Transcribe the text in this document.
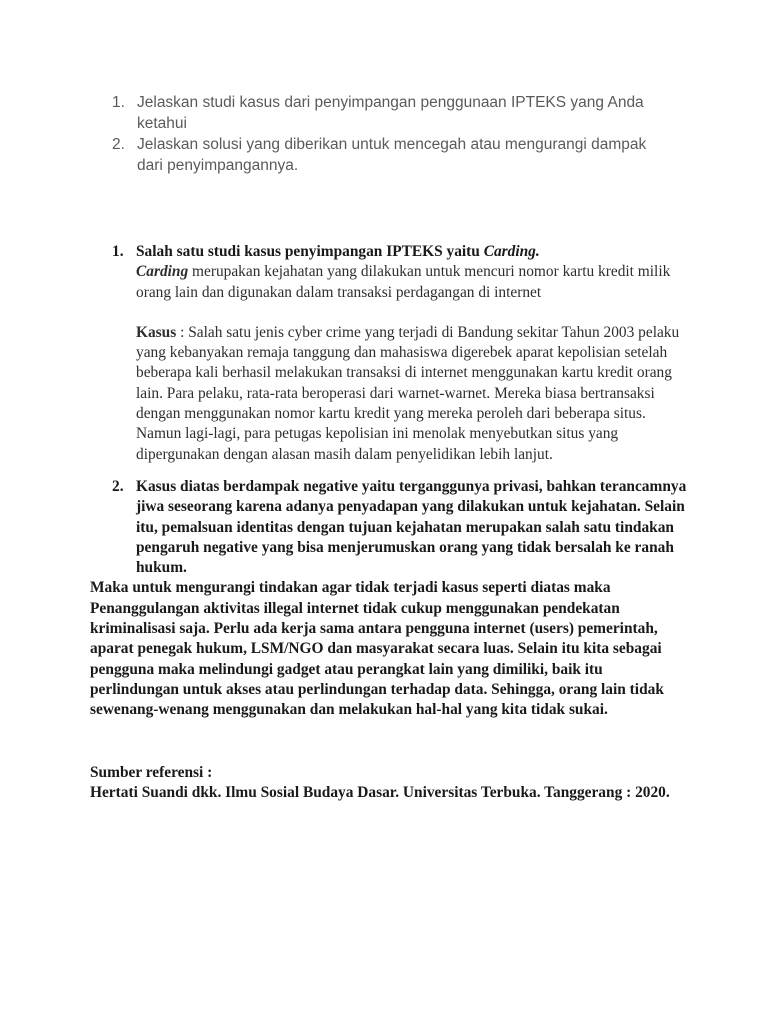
1. Jelaskan studi kasus dari penyimpangan penggunaan IPTEKS yang Anda ketahui
2. Jelaskan solusi yang diberikan untuk mencegah atau mengurangi dampak dari penyimpangannya.
1. Salah satu studi kasus penyimpangan IPTEKS yaitu Carding.

Carding merupakan kejahatan yang dilakukan untuk mencuri nomor kartu kredit milik orang lain dan digunakan dalam transaksi perdagangan di internet

Kasus : Salah satu jenis cyber crime yang terjadi di Bandung sekitar Tahun 2003 pelaku yang kebanyakan remaja tanggung dan mahasiswa digerebek aparat kepolisian setelah beberapa kali berhasil melakukan transaksi di internet menggunakan kartu kredit orang lain. Para pelaku, rata-rata beroperasi dari warnet-warnet. Mereka biasa bertransaksi dengan menggunakan nomor kartu kredit yang mereka peroleh dari beberapa situs. Namun lagi-lagi, para petugas kepolisian ini menolak menyebutkan situs yang dipergunakan dengan alasan masih dalam penyelidikan lebih lanjut.

2. Kasus diatas berdampak negative yaitu terganggunya privasi, bahkan terancamnya jiwa seseorang karena adanya penyadapan yang dilakukan untuk kejahatan. Selain itu, pemalsuan identitas dengan tujuan kejahatan merupakan salah satu tindakan pengaruh negative yang bisa menjerumuskan orang yang tidak bersalah ke ranah hukum.

Maka untuk mengurangi tindakan agar tidak terjadi kasus seperti diatas maka Penanggulangan aktivitas illegal internet tidak cukup menggunakan pendekatan kriminalisasi saja. Perlu ada kerja sama antara pengguna internet (users) pemerintah, aparat penegak hukum, LSM/NGO dan masyarakat secara luas. Selain itu kita sebagai pengguna maka melindungi gadget atau perangkat lain yang dimiliki, baik itu perlindungan untuk akses atau perlindungan terhadap data. Sehingga, orang lain tidak sewenang-wenang menggunakan dan melakukan hal-hal yang kita tidak sukai.

Sumber referensi :

Hertati Suandi dkk. Ilmu Sosial Budaya Dasar. Universitas Terbuka. Tanggerang : 2020.
